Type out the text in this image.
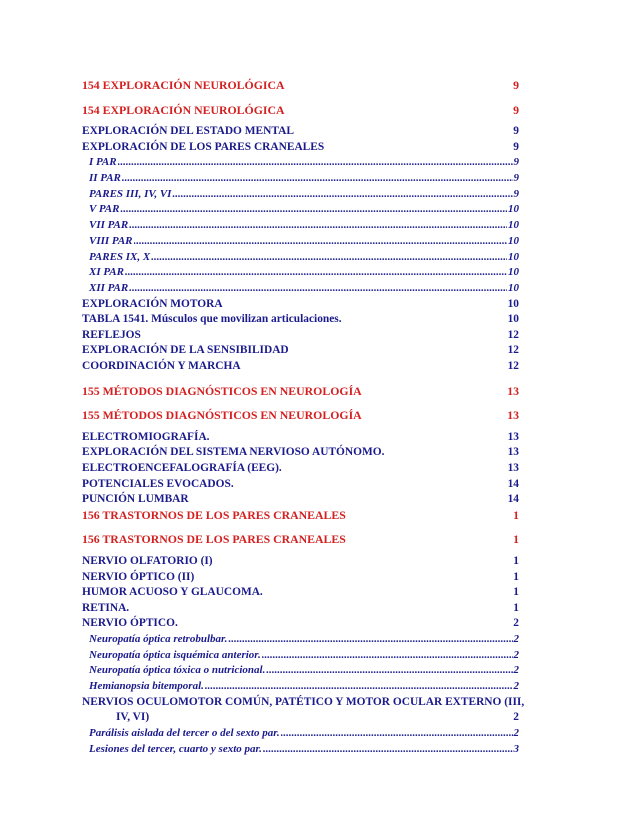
154 EXPLORACIÓN NEUROLÓGICA	9
154 EXPLORACIÓN NEUROLÓGICA	9
EXPLORACIÓN DEL ESTADO MENTAL	9
EXPLORACIÓN DE LOS PARES CRANEALES	9
I PAR .....	9
II PAR .....	9
PARES III, IV, VI .....	9
V PAR .....	10
VII PAR .....	10
VIII PAR .....	10
PARES IX, X .....	10
XI PAR .....	10
XII PAR .....	10
EXPLORACIÓN MOTORA	10
TABLA 1541. Músculos que movilizan articulaciones.	10
REFLEJOS	12
EXPLORACIÓN DE LA SENSIBILIDAD	12
COORDINACIÓN Y MARCHA	12
155 MÉTODOS DIAGNÓSTICOS EN NEUROLOGÍA	13
155 MÉTODOS DIAGNÓSTICOS EN NEUROLOGÍA	13
ELECTROMIOGRAFÍA.	13
EXPLORACIÓN DEL SISTEMA NERVIOSO AUTÓNOMO.	13
ELECTROENCEFALOGRAFÍA (EEG).	13
POTENCIALES EVOCADOS.	14
PUNCIÓN LUMBAR	14
156 TRASTORNOS DE LOS PARES CRANEALES	1
156 TRASTORNOS DE LOS PARES CRANEALES	1
NERVIO OLFATORIO (I)	1
NERVIO ÓPTICO (II)	1
HUMOR ACUOSO Y GLAUCOMA.	1
RETINA.	1
NERVIO ÓPTICO.	2
Neuropatía óptica retrobulbar. .....	2
Neuropatía óptica isquémica anterior. .....	2
Neuropatía óptica tóxica o nutricional. .....	2
Hemianopsia bitemporal. .....	2
NERVIOS OCULOMOTOR COMÚN, PATÉTICO Y MOTOR OCULAR EXTERNO (III,
IV, VI)	2
Parálisis aislada del tercer o del sexto par. .....	2
Lesiones del tercer, cuarto y sexto par. .....	3
